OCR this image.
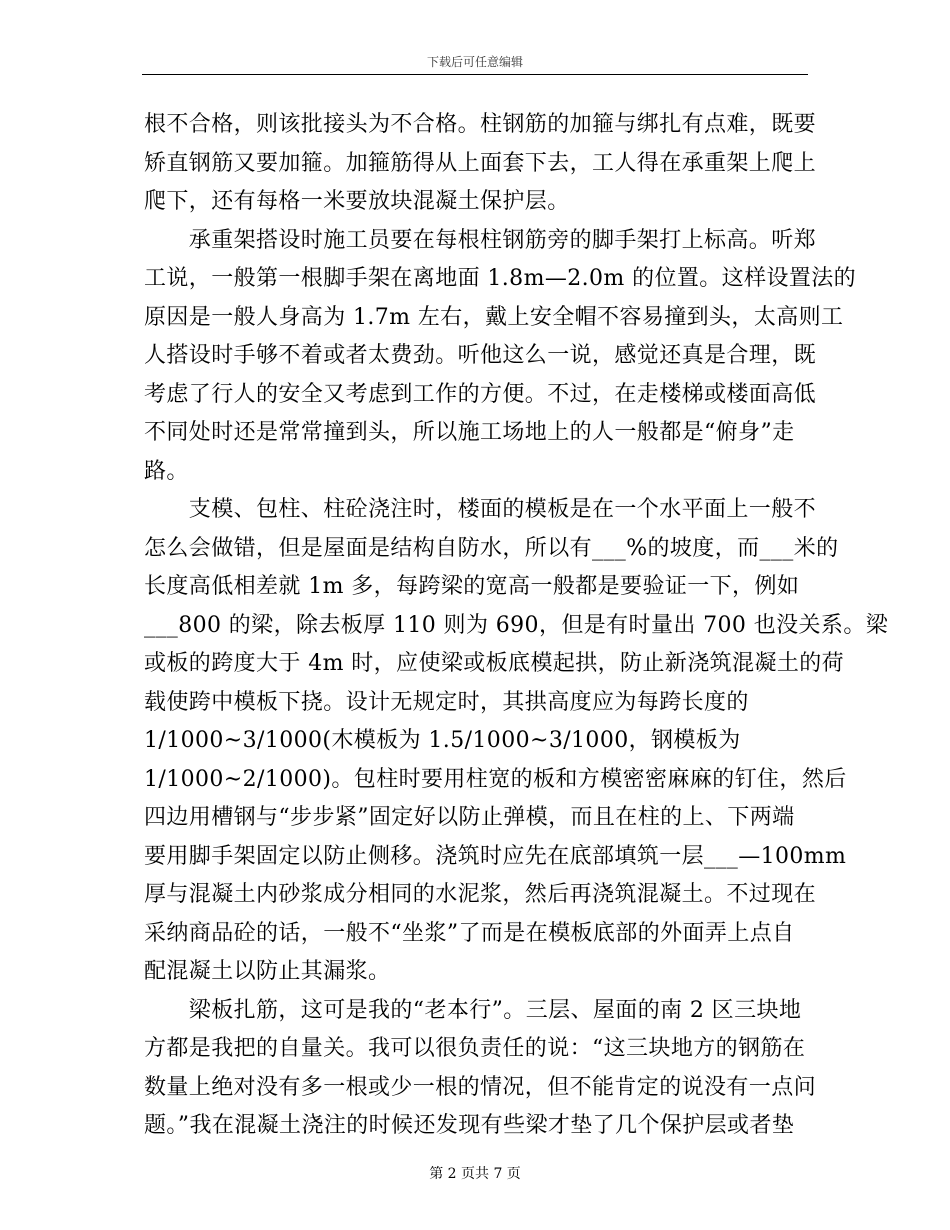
下载后可任意编辑

根不合格，则该批接头为不合格。柱钢筋的加箍与绑扎有点难，既要
矫直钢筋又要加箍。加箍筋得从上面套下去，工人得在承重架上爬上
爬下，还有每格一米要放块混凝土保护层。

　　承重架搭设时施工员要在每根柱钢筋旁的脚手架打上标高。听郑
工说，一般第一根脚手架在离地面 1.8m—2.0m 的位置。这样设置法的
原因是一般人身高为 1.7m 左右，戴上安全帽不容易撞到头，太高则工
人搭设时手够不着或者太费劲。听他这么一说，感觉还真是合理，既
考虑了行人的安全又考虑到工作的方便。不过，在走楼梯或楼面高低
不同处时还是常常撞到头，所以施工场地上的人一般都是“俯身”走
路。

　　支模、包柱、柱砼浇注时，楼面的模板是在一个水平面上一般不
怎么会做错，但是屋面是结构自防水，所以有___%的坡度，而___米的
长度高低相差就 1m 多，每跨梁的宽高一般都是要验证一下，例如
___800 的梁，除去板厚 110 则为 690，但是有时量出 700 也没关系。梁
或板的跨度大于 4m 时，应使梁或板底模起拱，防止新浇筑混凝土的荷
载使跨中模板下挠。设计无规定时，其拱高度应为每跨长度的
1/1000~3/1000(木模板为 1.5/1000~3/1000，钢模板为
1/1000~2/1000)。包柱时要用柱宽的板和方模密密麻麻的钉住，然后
四边用槽钢与“步步紧”固定好以防止弹模，而且在柱的上、下两端
要用脚手架固定以防止侧移。浇筑时应先在底部填筑一层___—100mm
厚与混凝土内砂浆成分相同的水泥浆，然后再浇筑混凝土。不过现在
采纳商品砼的话，一般不“坐浆”了而是在模板底部的外面弄上点自
配混凝土以防止其漏浆。

　　梁板扎筋，这可是我的“老本行”。三层、屋面的南 2 区三块地
方都是我把的自量关。我可以很负责任的说：“这三块地方的钢筋在
数量上绝对没有多一根或少一根的情况，但不能肯定的说没有一点问
题。”我在混凝土浇注的时候还发现有些梁才垫了几个保护层或者垫

第 2 页共 7 页
